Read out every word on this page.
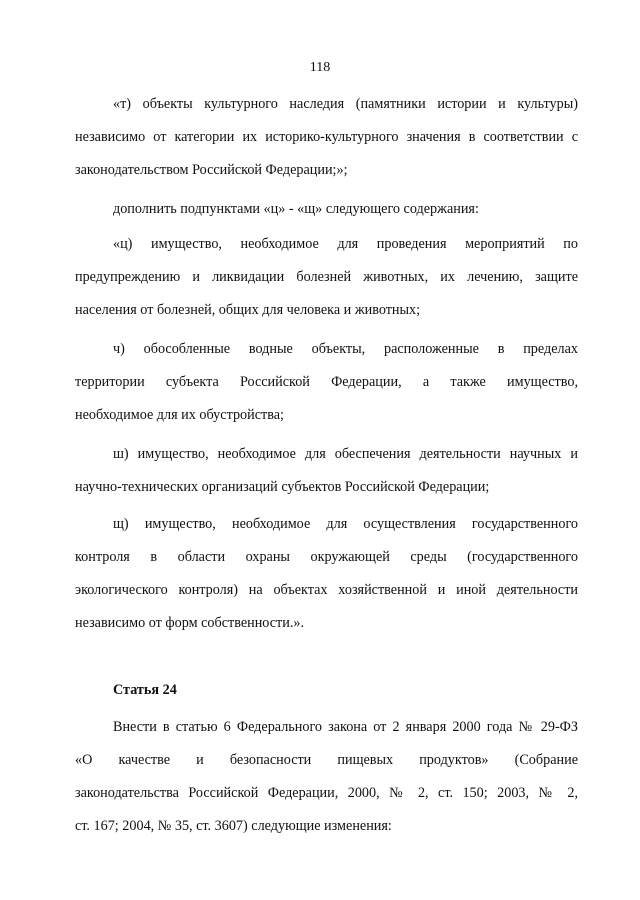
118
«т) объекты культурного наследия (памятники истории и культуры)
независимо от категории их историко-культурного значения в соответствии с
законодательством Российской Федерации;»;
дополнить подпунктами «ц» - «щ» следующего содержания:
«ц) имущество, необходимое для проведения мероприятий по
предупреждению и ликвидации болезней животных, их лечению, защите
населения от болезней, общих для человека и животных;
ч) обособленные водные объекты, расположенные в пределах
территории субъекта Российской Федерации, а также имущество,
необходимое для их обустройства;
ш) имущество, необходимое для обеспечения деятельности научных и
научно-технических организаций субъектов Российской Федерации;
щ) имущество, необходимое для осуществления государственного
контроля в области охраны окружающей среды (государственного
экологического контроля) на объектах хозяйственной и иной деятельности
независимо от форм собственности.».
Статья 24
Внести в статью 6 Федерального закона от 2 января 2000 года № 29-ФЗ
«О качестве и безопасности пищевых продуктов» (Собрание
законодательства Российской Федерации, 2000, № 2, ст. 150; 2003, № 2,
ст. 167; 2004, № 35, ст. 3607) следующие изменения:
